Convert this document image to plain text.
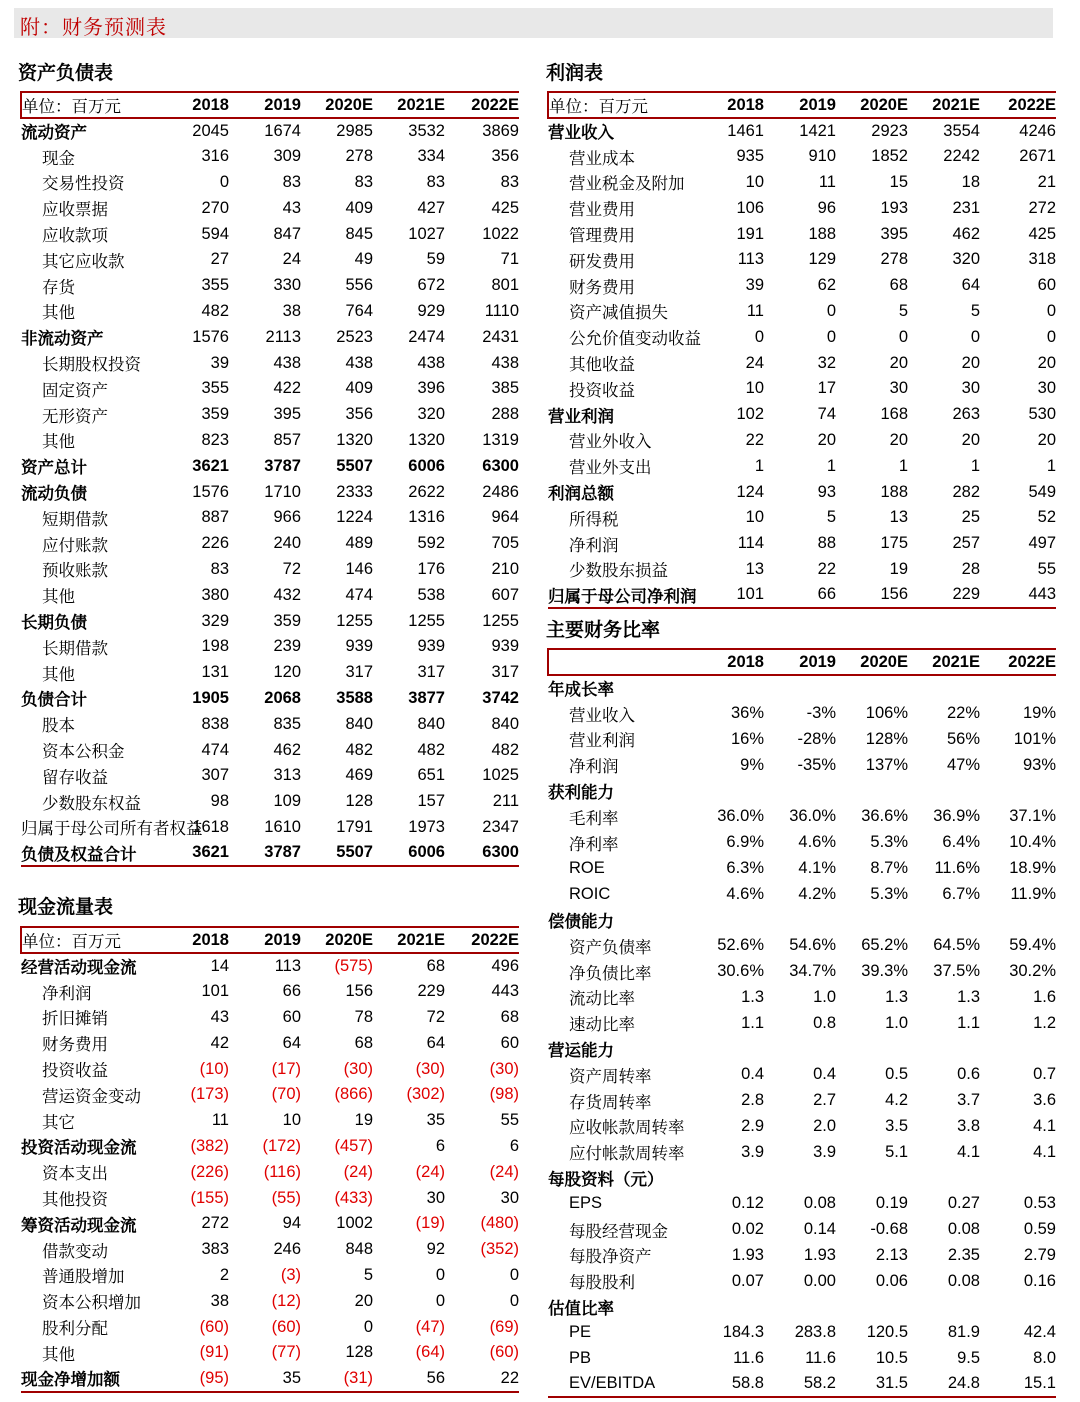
附：财务预测表
资产负债表
单位：百万元	2018	2019	2020E	2021E	2022E
流动资产	2045	1674	2985	3532	3869
现金	316	309	278	334	356
交易性投资	0	83	83	83	83
应收票据	270	43	409	427	425
应收款项	594	847	845	1027	1022
其它应收款	27	24	49	59	71
存货	355	330	556	672	801
其他	482	38	764	929	1110
非流动资产	1576	2113	2523	2474	2431
长期股权投资	39	438	438	438	438
固定资产	355	422	409	396	385
无形资产	359	395	356	320	288
其他	823	857	1320	1320	1319
资产总计	3621	3787	5507	6006	6300
流动负债	1576	1710	2333	2622	2486
短期借款	887	966	1224	1316	964
应付账款	226	240	489	592	705
预收账款	83	72	146	176	210
其他	380	432	474	538	607
长期负债	329	359	1255	1255	1255
长期借款	198	239	939	939	939
其他	131	120	317	317	317
负债合计	1905	2068	3588	3877	3742
股本	838	835	840	840	840
资本公积金	474	462	482	482	482
留存收益	307	313	469	651	1025
少数股东权益	98	109	128	157	211
归属于母公司所有者权益	1618	1610	1791	1973	2347
负债及权益合计	3621	3787	5507	6006	6300
现金流量表
单位：百万元	2018	2019	2020E	2021E	2022E
经营活动现金流	14	113	(575)	68	496
净利润	101	66	156	229	443
折旧摊销	43	60	78	72	68
财务费用	42	64	68	64	60
投资收益	(10)	(17)	(30)	(30)	(30)
营运资金变动	(173)	(70)	(866)	(302)	(98)
其它	11	10	19	35	55
投资活动现金流	(382)	(172)	(457)	6	6
资本支出	(226)	(116)	(24)	(24)	(24)
其他投资	(155)	(55)	(433)	30	30
筹资活动现金流	272	94	1002	(19)	(480)
借款变动	383	246	848	92	(352)
普通股增加	2	(3)	5	0	0
资本公积增加	38	(12)	20	0	0
股利分配	(60)	(60)	0	(47)	(69)
其他	(91)	(77)	128	(64)	(60)
现金净增加额	(95)	35	(31)	56	22
利润表
单位：百万元	2018	2019	2020E	2021E	2022E
营业收入	1461	1421	2923	3554	4246
营业成本	935	910	1852	2242	2671
营业税金及附加	10	11	15	18	21
营业费用	106	96	193	231	272
管理费用	191	188	395	462	425
研发费用	113	129	278	320	318
财务费用	39	62	68	64	60
资产减值损失	11	0	5	5	0
公允价值变动收益	0	0	0	0	0
其他收益	24	32	20	20	20
投资收益	10	17	30	30	30
营业利润	102	74	168	263	530
营业外收入	22	20	20	20	20
营业外支出	1	1	1	1	1
利润总额	124	93	188	282	549
所得税	10	5	13	25	52
净利润	114	88	175	257	497
少数股东损益	13	22	19	28	55
归属于母公司净利润	101	66	156	229	443
主要财务比率
	2018	2019	2020E	2021E	2022E
年成长率					
营业收入	36%	-3%	106%	22%	19%
营业利润	16%	-28%	128%	56%	101%
净利润	9%	-35%	137%	47%	93%
获利能力					
毛利率	36.0%	36.0%	36.6%	36.9%	37.1%
净利率	6.9%	4.6%	5.3%	6.4%	10.4%
ROE	6.3%	4.1%	8.7%	11.6%	18.9%
ROIC	4.6%	4.2%	5.3%	6.7%	11.9%
偿债能力					
资产负债率	52.6%	54.6%	65.2%	64.5%	59.4%
净负债比率	30.6%	34.7%	39.3%	37.5%	30.2%
流动比率	1.3	1.0	1.3	1.3	1.6
速动比率	1.1	0.8	1.0	1.1	1.2
营运能力					
资产周转率	0.4	0.4	0.5	0.6	0.7
存货周转率	2.8	2.7	4.2	3.7	3.6
应收帐款周转率	2.9	2.0	3.5	3.8	4.1
应付帐款周转率	3.9	3.9	5.1	4.1	4.1
每股资料（元）					
EPS	0.12	0.08	0.19	0.27	0.53
每股经营现金	0.02	0.14	-0.68	0.08	0.59
每股净资产	1.93	1.93	2.13	2.35	2.79
每股股利	0.07	0.00	0.06	0.08	0.16
估值比率					
PE	184.3	283.8	120.5	81.9	42.4
PB	11.6	11.6	10.5	9.5	8.0
EV/EBITDA	58.8	58.2	31.5	24.8	15.1
